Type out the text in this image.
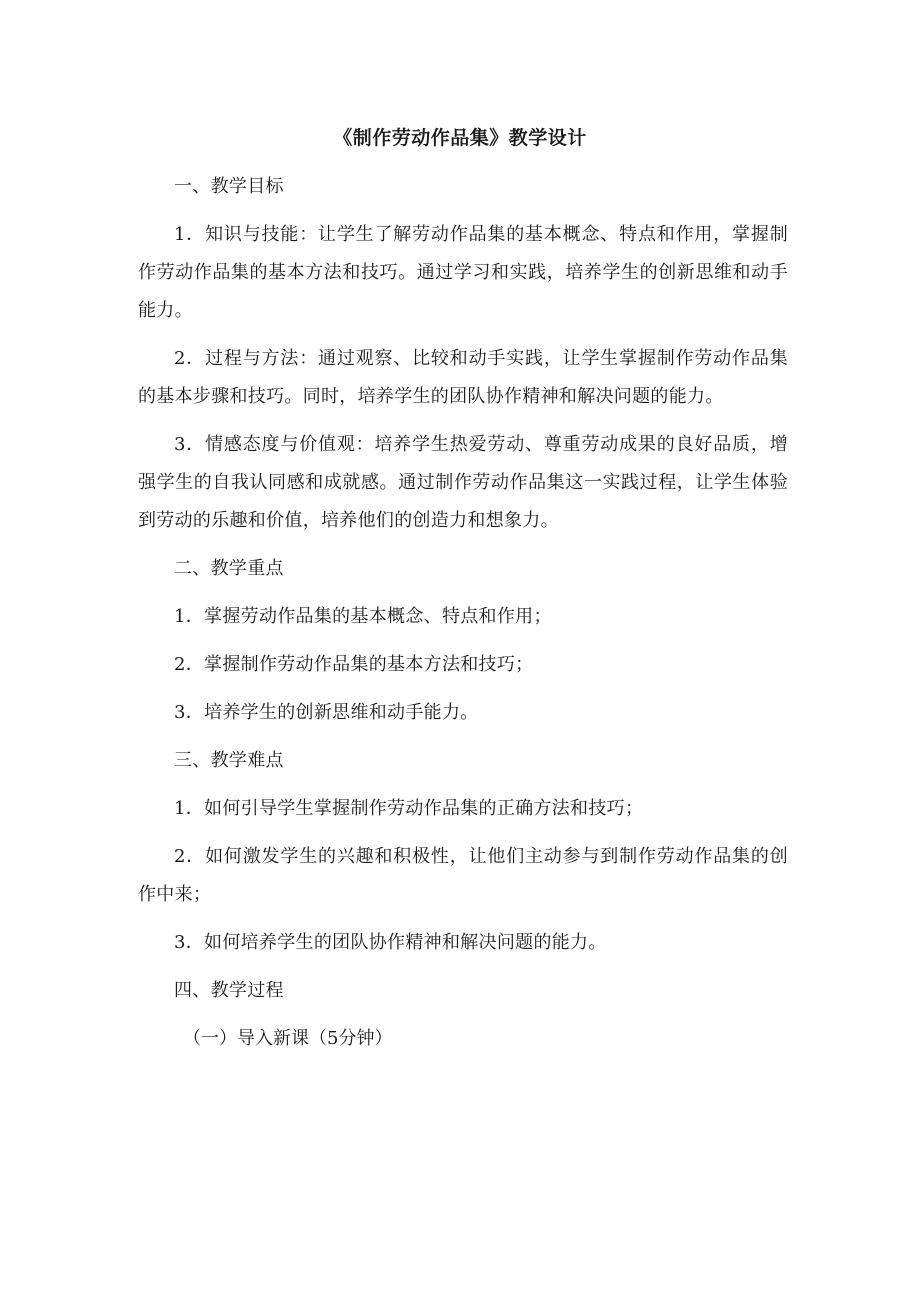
《制作劳动作品集》教学设计

一、教学目标

1．知识与技能：让学生了解劳动作品集的基本概念、特点和作用，掌握制作劳动作品集的基本方法和技巧。通过学习和实践，培养学生的创新思维和动手能力。

2．过程与方法：通过观察、比较和动手实践，让学生掌握制作劳动作品集的基本步骤和技巧。同时，培养学生的团队协作精神和解决问题的能力。

3．情感态度与价值观：培养学生热爱劳动、尊重劳动成果的良好品质，增强学生的自我认同感和成就感。通过制作劳动作品集这一实践过程，让学生体验到劳动的乐趣和价值，培养他们的创造力和想象力。

二、教学重点

1．掌握劳动作品集的基本概念、特点和作用；

2．掌握制作劳动作品集的基本方法和技巧；

3．培养学生的创新思维和动手能力。

三、教学难点

1．如何引导学生掌握制作劳动作品集的正确方法和技巧；

2．如何激发学生的兴趣和积极性，让他们主动参与到制作劳动作品集的创作中来；

3．如何培养学生的团队协作精神和解决问题的能力。

四、教学过程

（一）导入新课（5分钟）
